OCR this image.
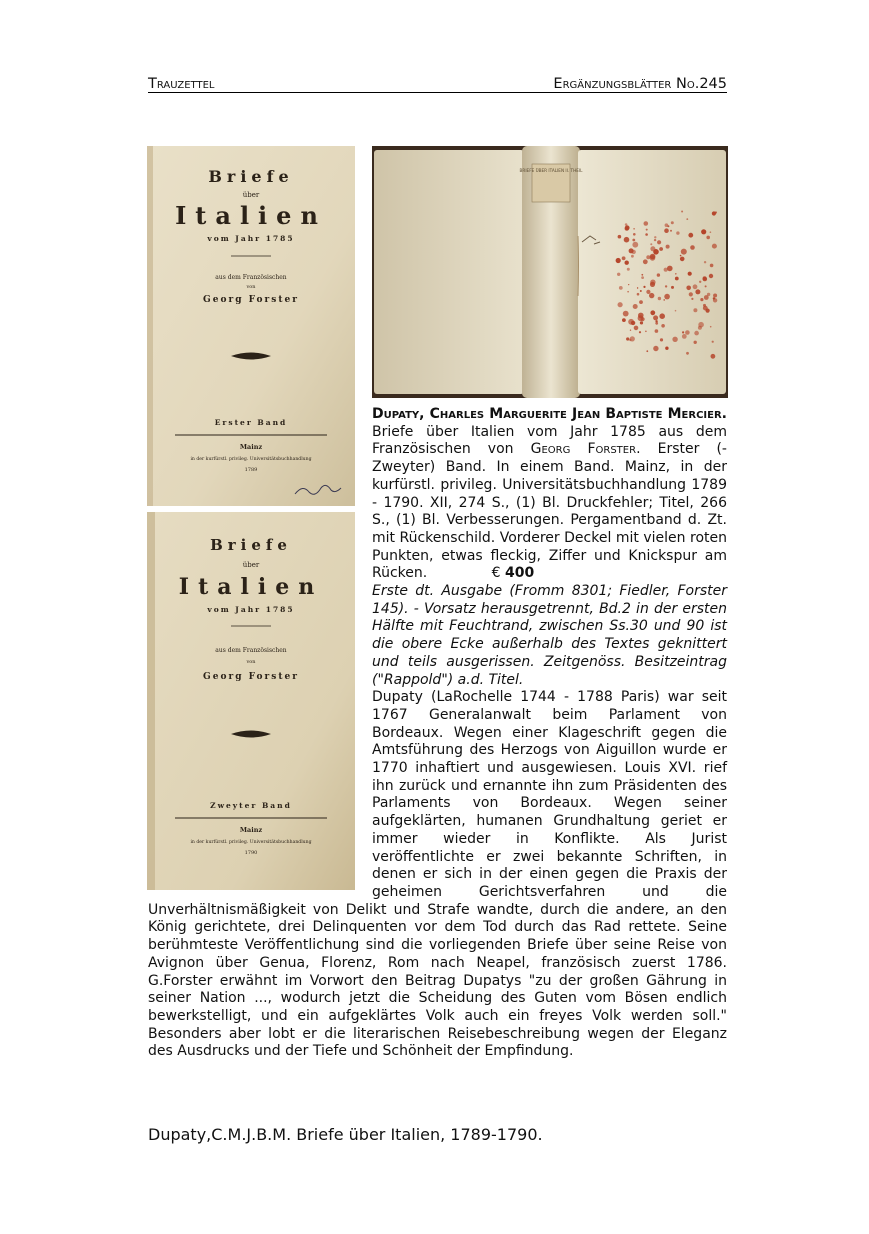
Trauzettel	Ergänzungsblätter No.245
Briefe
über
Italien
vom Jahr 1785
aus dem Französischen
von
Georg Forster
Erster Band
Mainz
in der kurfürstl. privileg. Universitätsbuchhandlung
1789
Briefe
über
Italien
vom Jahr 1785
aus dem Französischen
von
Georg Forster
Zweyter Band
Mainz
in der kurfürstl. privileg. Universitätsbuchhandlung
1790
BRIEFE ÜBER ITALIEN II. THEIL

Dupaty, Charles Marguerite Jean Baptiste Mercier. Briefe über Italien vom Jahr 1785 aus dem Französischen von Georg Forster. Erster (- Zweyter) Band. In einem Band. Mainz, in der kurfürstl. privileg. Universitätsbuchhandlung 1789 - 1790. XII, 274 S., (1) Bl. Druckfehler; Titel, 266 S., (1) Bl. Verbesserungen. Pergamentband d. Zt. mit Rückenschild. Vorderer Deckel mit vielen roten Punkten, etwas fleckig, Ziffer und Knickspur am Rücken.	€ 400

Erste dt. Ausgabe (Fromm 8301; Fiedler, Forster 145). - Vorsatz herausgetrennt, Bd.2 in der ersten Hälfte mit Feuchtrand, zwischen Ss.30 und 90 ist die obere Ecke außerhalb des Textes geknittert und teils ausgerissen. Zeitgenöss. Besitzeintrag ("Rappold") a.d. Titel.

Dupaty (LaRochelle 1744 - 1788 Paris) war seit 1767 Generalanwalt beim Parlament von Bordeaux. Wegen einer Klageschrift gegen die Amtsführung des Herzogs von Aiguillon wurde er 1770 inhaftiert und ausgewiesen. Louis XVI. rief ihn zurück und ernannte ihn zum Präsidenten des Parlaments von Bordeaux. Wegen seiner aufgeklärten, humanen Grundhaltung geriet er immer wieder in Konflikte. Als Jurist veröffentlichte er zwei bekannte Schriften, in denen er sich in der einen gegen die Praxis der geheimen Gerichtsverfahren und die Unverhältnismäßigkeit von Delikt und Strafe wandte, durch die andere, an den König gerichtete, drei Delinquenten vor dem Tod durch das Rad rettete. Seine berühmteste Veröffentlichung sind die vorliegenden Briefe über seine Reise von Avignon über Genua, Florenz, Rom nach Neapel, französisch zuerst 1786. G.Forster erwähnt im Vorwort den Beitrag Dupatys "zu der großen Gährung in seiner Nation ..., wodurch jetzt die Scheidung des Guten vom Bösen endlich bewerkstelligt, und ein aufgeklärtes Volk auch ein freyes Volk werden soll." Besonders aber lobt er die literarischen Reisebeschreibung wegen der Eleganz des Ausdrucks und der Tiefe und Schönheit der Empfindung.

Dupaty,C.M.J.B.M. Briefe über Italien, 1789-1790.
